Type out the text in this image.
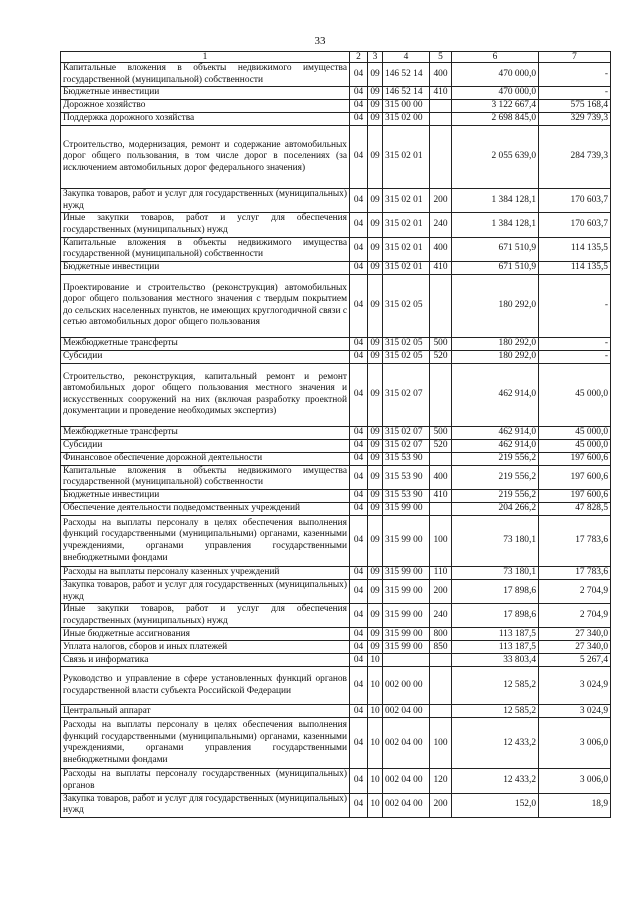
33
1	2	3	4	5	6	7
Капитальные вложения в объекты недвижимого имущества государственной (муниципальной) собственности	04	09	146 52 14	400	470 000,0	-
Бюджетные инвестиции	04	09	146 52 14	410	470 000,0	-
Дорожное хозяйство	04	09	315 00 00		3 122 667,4	575 168,4
Поддержка дорожного хозяйства	04	09	315 02 00		2 698 845,0	329 739,3
Строительство, модернизация, ремонт и содержание автомобильных дорог общего пользования, в том числе дорог в поселениях (за исключением автомобильных дорог федерального значения)	04	09	315 02 01		2 055 639,0	284 739,3
Закупка товаров, работ и услуг для государственных (муниципальных) нужд	04	09	315 02 01	200	1 384 128,1	170 603,7
Иные закупки товаров, работ и услуг для обеспечения государственных (муниципальных) нужд	04	09	315 02 01	240	1 384 128,1	170 603,7
Капитальные вложения в объекты недвижимого имущества государственной (муниципальной) собственности	04	09	315 02 01	400	671 510,9	114 135,5
Бюджетные инвестиции	04	09	315 02 01	410	671 510,9	114 135,5
Проектирование и строительство (реконструкция) автомобильных дорог общего пользования местного значения с твердым покрытием до сельских населенных пунктов, не имеющих круглогодичной связи с сетью автомобильных дорог общего пользования	04	09	315 02 05		180 292,0	-
Межбюджетные трансферты	04	09	315 02 05	500	180 292,0	-
Субсидии	04	09	315 02 05	520	180 292,0	-
Строительство, реконструкция, капитальный ремонт и ремонт автомобильных дорог общего пользования местного значения и искусственных сооружений на них (включая разработку проектной документации и проведение необходимых экспертиз)	04	09	315 02 07		462 914,0	45 000,0
Межбюджетные трансферты	04	09	315 02 07	500	462 914,0	45 000,0
Субсидии	04	09	315 02 07	520	462 914,0	45 000,0
Финансовое обеспечение дорожной деятельности	04	09	315 53 90		219 556,2	197 600,6
Капитальные вложения в объекты недвижимого имущества государственной (муниципальной) собственности	04	09	315 53 90	400	219 556,2	197 600,6
Бюджетные инвестиции	04	09	315 53 90	410	219 556,2	197 600,6
Обеспечение деятельности подведомственных учреждений	04	09	315 99 00		204 266,2	47 828,5
Расходы на выплаты персоналу в целях обеспечения выполнения функций государственными (муниципальными) органами, казенными учреждениями, органами управления государственными внебюджетными фондами	04	09	315 99 00	100	73 180,1	17 783,6
Расходы на выплаты персоналу казенных учреждений	04	09	315 99 00	110	73 180,1	17 783,6
Закупка товаров, работ и услуг для государственных (муниципальных) нужд	04	09	315 99 00	200	17 898,6	2 704,9
Иные закупки товаров, работ и услуг для обеспечения государственных (муниципальных) нужд	04	09	315 99 00	240	17 898,6	2 704,9
Иные бюджетные ассигнования	04	09	315 99 00	800	113 187,5	27 340,0
Уплата налогов, сборов и иных платежей	04	09	315 99 00	850	113 187,5	27 340,0
Связь и информатика	04	10			33 803,4	5 267,4
Руководство и управление в сфере установленных функций органов государственной власти субъекта Российской Федерации	04	10	002 00 00		12 585,2	3 024,9
Центральный аппарат	04	10	002 04 00		12 585,2	3 024,9
Расходы на выплаты персоналу в целях обеспечения выполнения функций государственными (муниципальными) органами, казенными учреждениями, органами управления государственными внебюджетными фондами	04	10	002 04 00	100	12 433,2	3 006,0
Расходы на выплаты персоналу государственных (муниципальных) органов	04	10	002 04 00	120	12 433,2	3 006,0
Закупка товаров, работ и услуг для государственных (муниципальных) нужд	04	10	002 04 00	200	152,0	18,9
